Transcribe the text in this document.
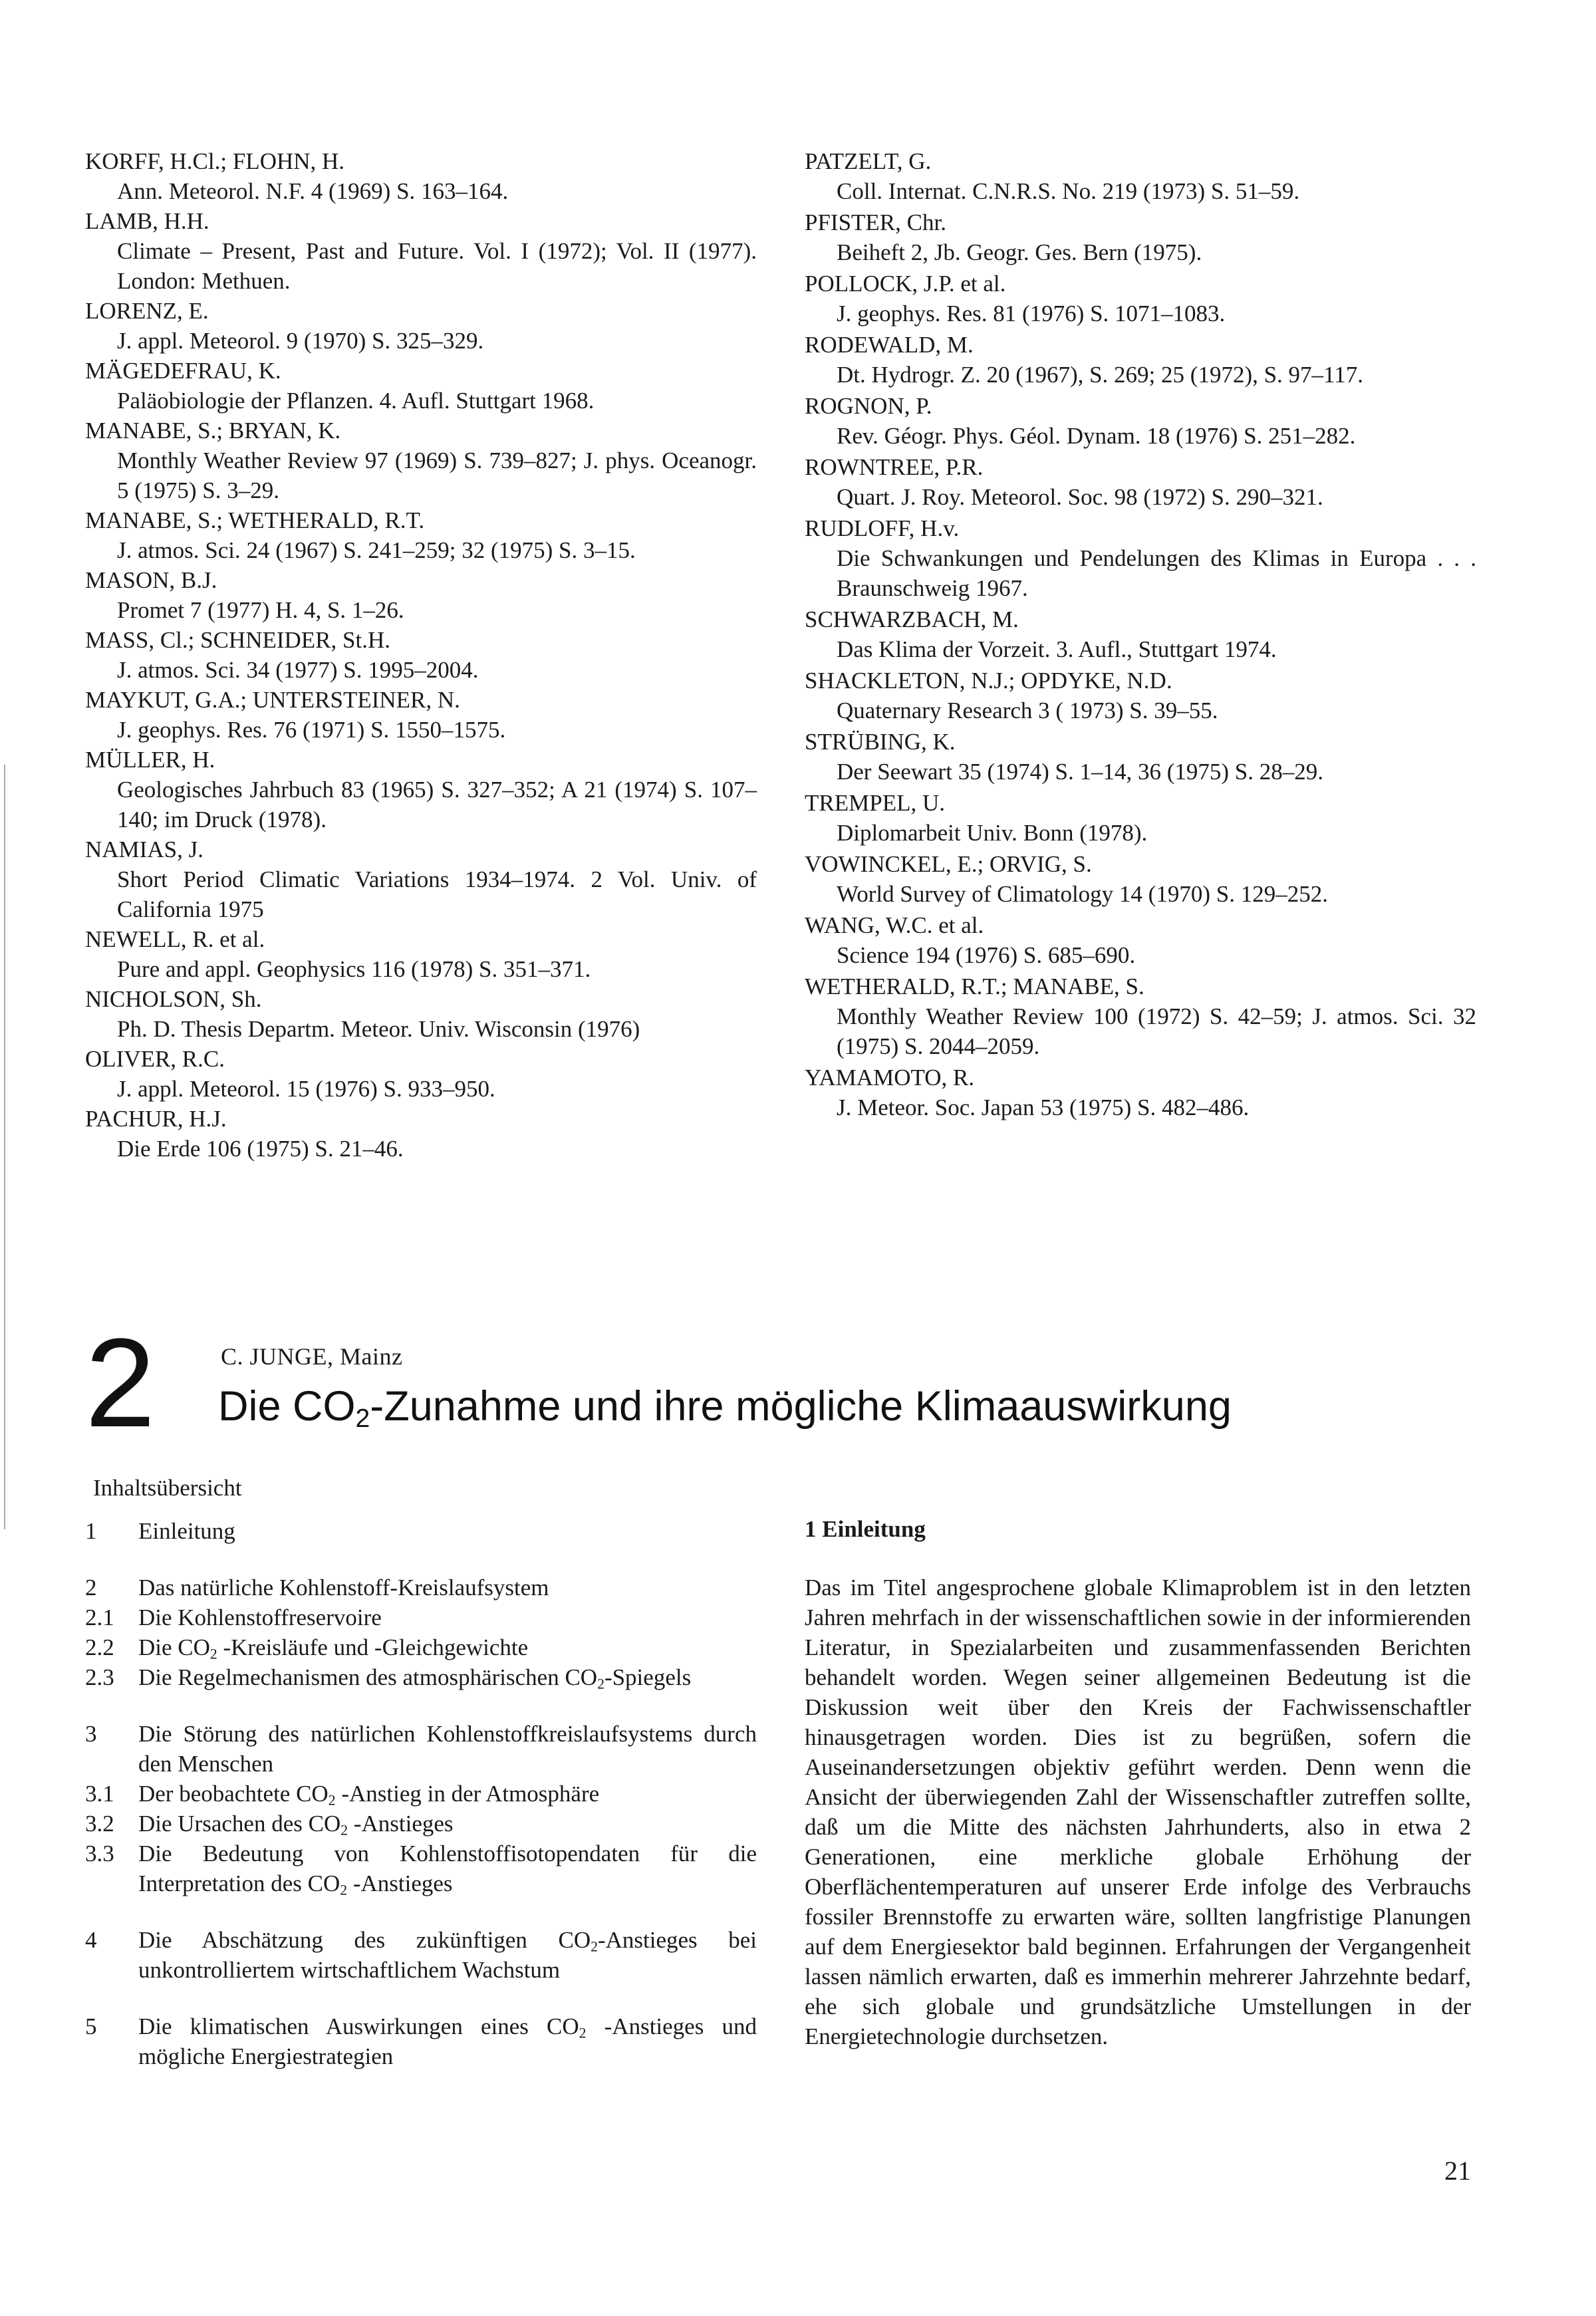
KORFF, H.Cl.; FLOHN, H.
Ann. Meteorol. N.F. 4 (1969) S. 163–164.
LAMB, H.H.
Climate – Present, Past and Future. Vol. I (1972); Vol. II (1977). London: Methuen.
LORENZ, E.
J. appl. Meteorol. 9 (1970) S. 325–329.
MÄGEDEFRAU, K.
Paläobiologie der Pflanzen. 4. Aufl. Stuttgart 1968.
MANABE, S.; BRYAN, K.
Monthly Weather Review 97 (1969) S. 739–827; J. phys. Oceanogr. 5 (1975) S. 3–29.
MANABE, S.; WETHERALD, R.T.
J. atmos. Sci. 24 (1967) S. 241–259; 32 (1975) S. 3–15.
MASON, B.J.
Promet 7 (1977) H. 4, S. 1–26.
MASS, Cl.; SCHNEIDER, St.H.
J. atmos. Sci. 34 (1977) S. 1995–2004.
MAYKUT, G.A.; UNTERSTEINER, N.
J. geophys. Res. 76 (1971) S. 1550–1575.
MÜLLER, H.
Geologisches Jahrbuch 83 (1965) S. 327–352; A 21 (1974) S. 107–140; im Druck (1978).
NAMIAS, J.
Short Period Climatic Variations 1934–1974. 2 Vol. Univ. of California 1975
NEWELL, R. et al.
Pure and appl. Geophysics 116 (1978) S. 351–371.
NICHOLSON, Sh.
Ph. D. Thesis Departm. Meteor. Univ. Wisconsin (1976)
OLIVER, R.C.
J. appl. Meteorol. 15 (1976) S. 933–950.
PACHUR, H.J.
Die Erde 106 (1975) S. 21–46.
PATZELT, G.
Coll. Internat. C.N.R.S. No. 219 (1973) S. 51–59.
PFISTER, Chr.
Beiheft 2, Jb. Geogr. Ges. Bern (1975).
POLLOCK, J.P. et al.
J. geophys. Res. 81 (1976) S. 1071–1083.
RODEWALD, M.
Dt. Hydrogr. Z. 20 (1967), S. 269; 25 (1972), S. 97–117.
ROGNON, P.
Rev. Géogr. Phys. Géol. Dynam. 18 (1976) S. 251–282.
ROWNTREE, P.R.
Quart. J. Roy. Meteorol. Soc. 98 (1972) S. 290–321.
RUDLOFF, H.v.
Die Schwankungen und Pendelungen des Klimas in Europa . . . Braunschweig 1967.
SCHWARZBACH, M.
Das Klima der Vorzeit. 3. Aufl., Stuttgart 1974.
SHACKLETON, N.J.; OPDYKE, N.D.
Quaternary Research 3 ( 1973) S. 39–55.
STRÜBING, K.
Der Seewart 35 (1974) S. 1–14, 36 (1975) S. 28–29.
TREMPEL, U.
Diplomarbeit Univ. Bonn (1978).
VOWINCKEL, E.; ORVIG, S.
World Survey of Climatology 14 (1970) S. 129–252.
WANG, W.C. et al.
Science 194 (1976) S. 685–690.
WETHERALD, R.T.; MANABE, S.
Monthly Weather Review 100 (1972) S. 42–59; J. atmos. Sci. 32 (1975) S. 2044–2059.
YAMAMOTO, R.
J. Meteor. Soc. Japan 53 (1975) S. 482–486.
2	C. JUNGE, Mainz
Die $CO_2$-Zunahme und ihre mögliche Klimaauswirkung
Inhaltsübersicht
1	Einleitung
2	Das natürliche Kohlenstoff-Kreislaufsystem
2.1	Die Kohlenstoffreservoire
2.2	Die $CO_2$ -Kreisläufe und -Gleichgewichte
2.3	Die Regelmechanismen des atmosphärischen $CO_2$-Spiegels
3	Die Störung des natürlichen Kohlenstoffkreislaufsystems durch den Menschen
3.1	Der beobachtete $CO_2$ -Anstieg in der Atmosphäre
3.2	Die Ursachen des $CO_2$ -Anstieges
3.3	Die Bedeutung von Kohlenstoffisotopendaten für die Interpretation des $CO_2$ -Anstieges
4	Die Abschätzung des zukünftigen $CO_2$-Anstieges bei unkontrolliertem wirtschaftlichem Wachstum
5	Die klimatischen Auswirkungen eines $CO_2$ -Anstieges und mögliche Energiestrategien
1 Einleitung

Das im Titel angesprochene globale Klimaproblem ist in den letzten Jahren mehrfach in der wissenschaftlichen sowie in der informierenden Literatur, in Spezialarbeiten und zusammenfassenden Berichten behandelt worden. Wegen seiner allgemeinen Bedeutung ist die Diskussion weit über den Kreis der Fachwissenschaftler hinausgetragen worden. Dies ist zu begrüßen, sofern die Auseinandersetzungen objektiv geführt werden. Denn wenn die Ansicht der überwiegenden Zahl der Wissenschaftler zutreffen sollte, daß um die Mitte des nächsten Jahrhunderts, also in etwa 2 Generationen, eine merkliche globale Erhöhung der Oberflächentemperaturen auf unserer Erde infolge des Verbrauchs fossiler Brennstoffe zu erwarten wäre, sollten langfristige Planungen auf dem Energiesektor bald beginnen. Erfahrungen der Vergangenheit lassen nämlich erwarten, daß es immerhin mehrerer Jahrzehnte bedarf, ehe sich globale und grundsätzliche Umstellungen in der Energietechnologie durchsetzen.

21
